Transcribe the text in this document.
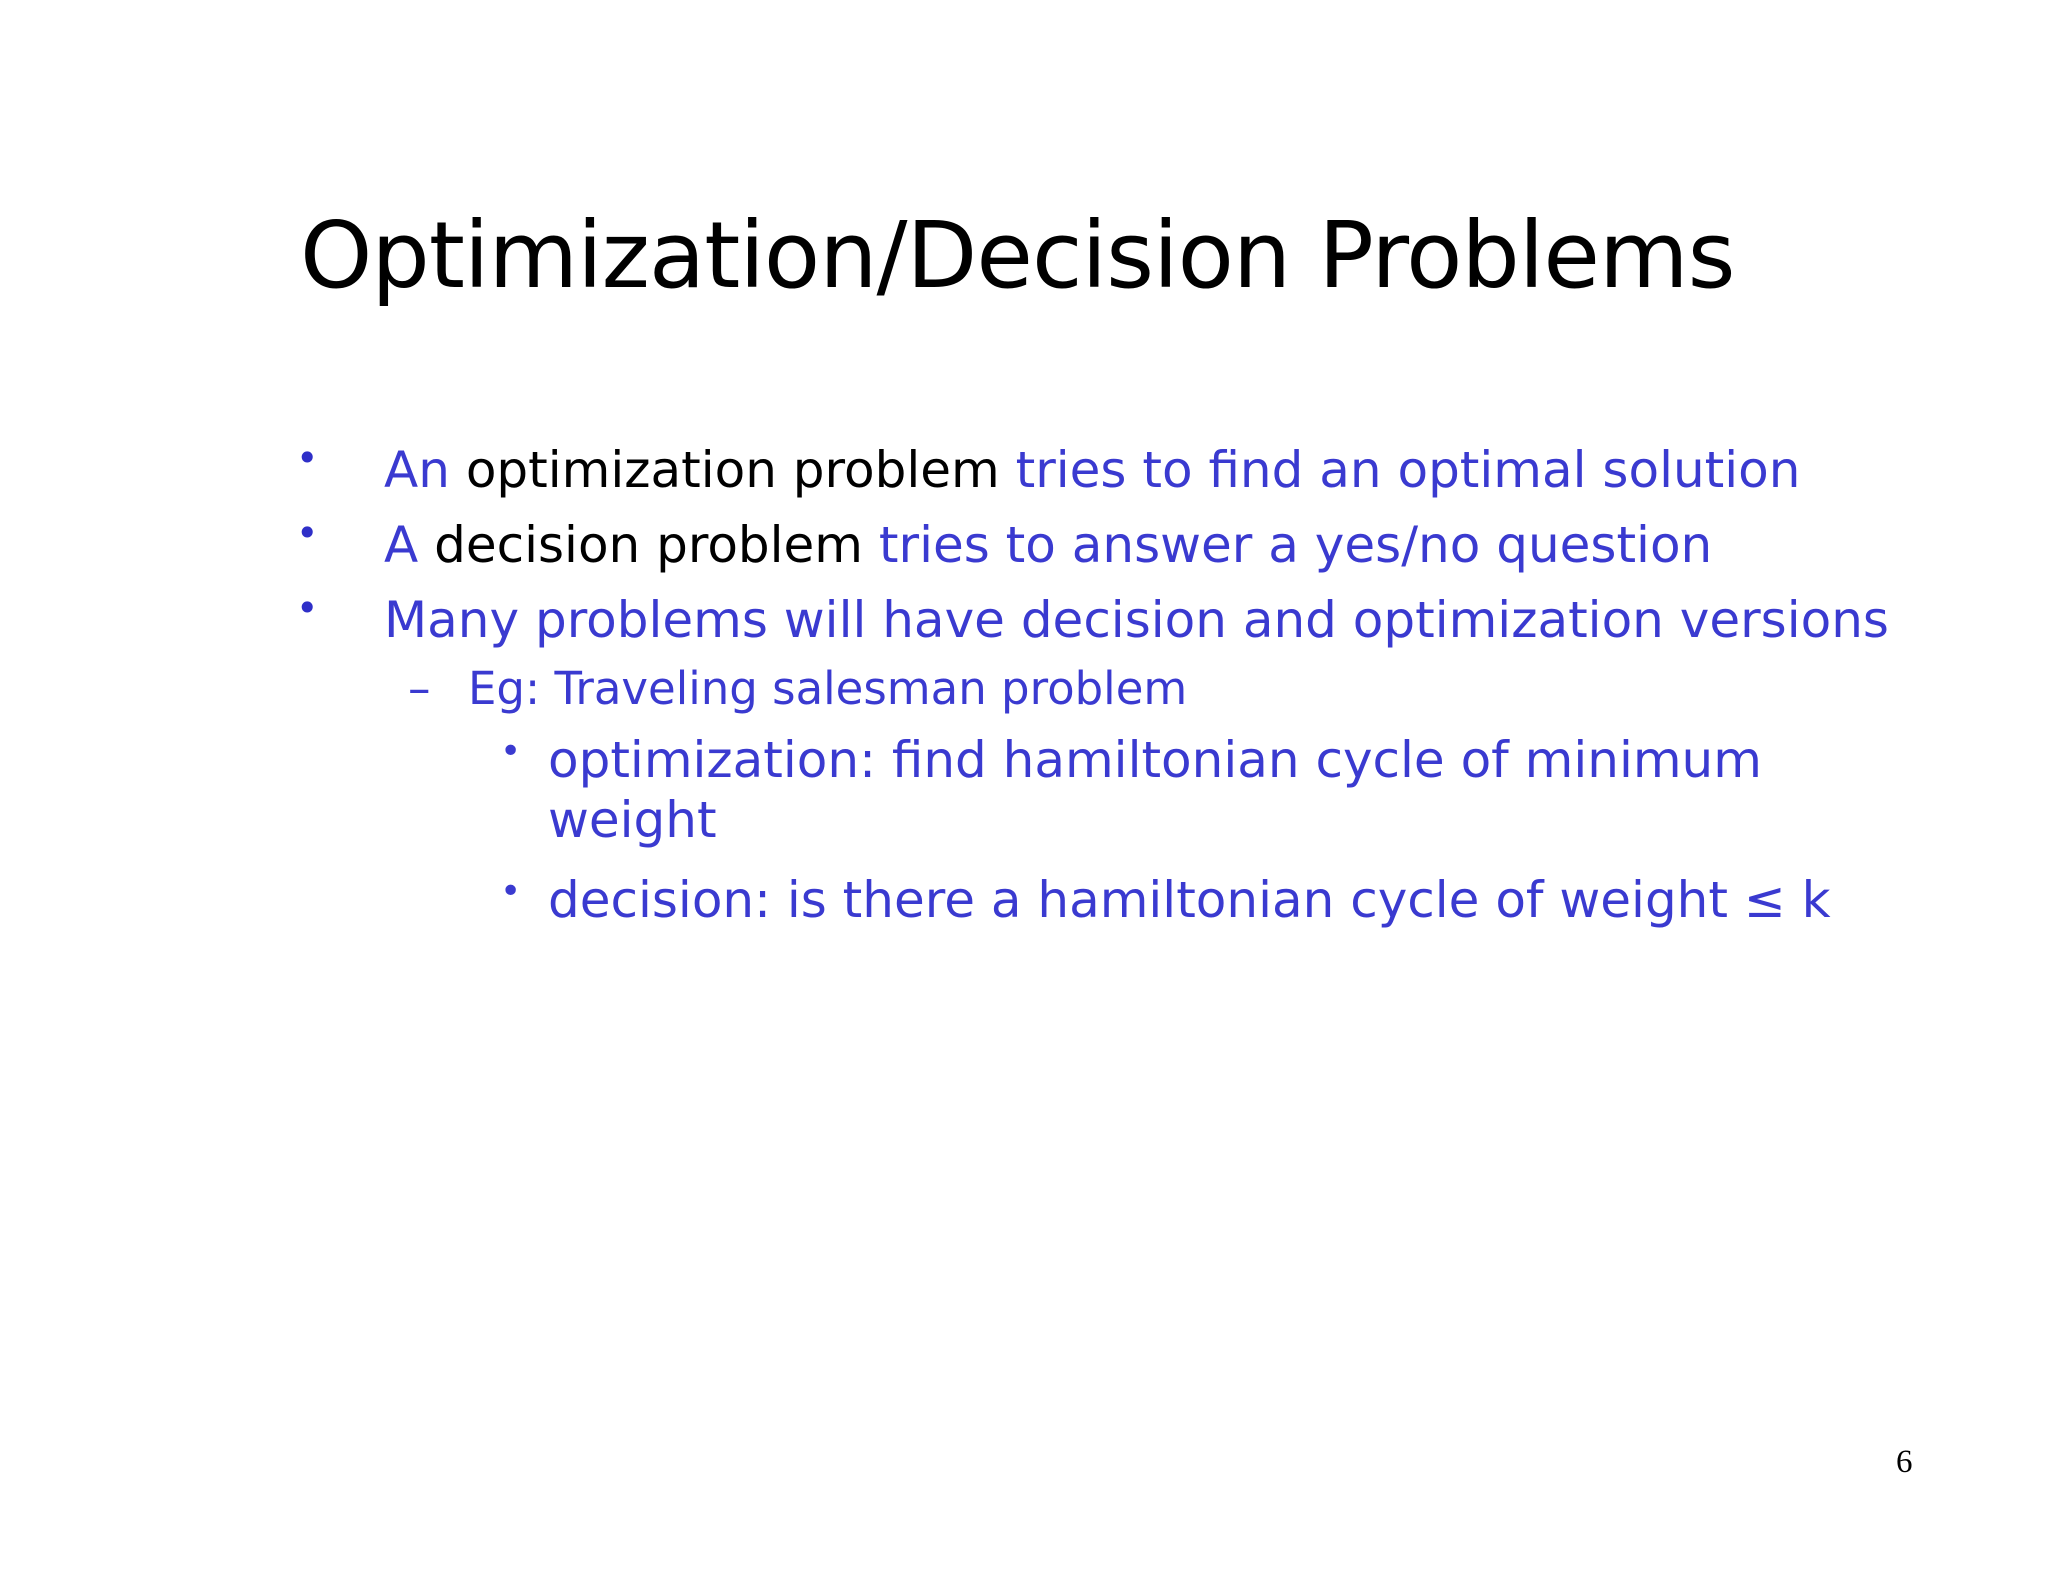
Optimization/Decision Problems
• An optimization problem tries to find an optimal solution
• A decision problem tries to answer a yes/no question
• Many problems will have decision and optimization versions
– Eg: Traveling salesman problem
• optimization: find hamiltonian cycle of minimum
weight
• decision: is there a hamiltonian cycle of weight ≤ k
6
